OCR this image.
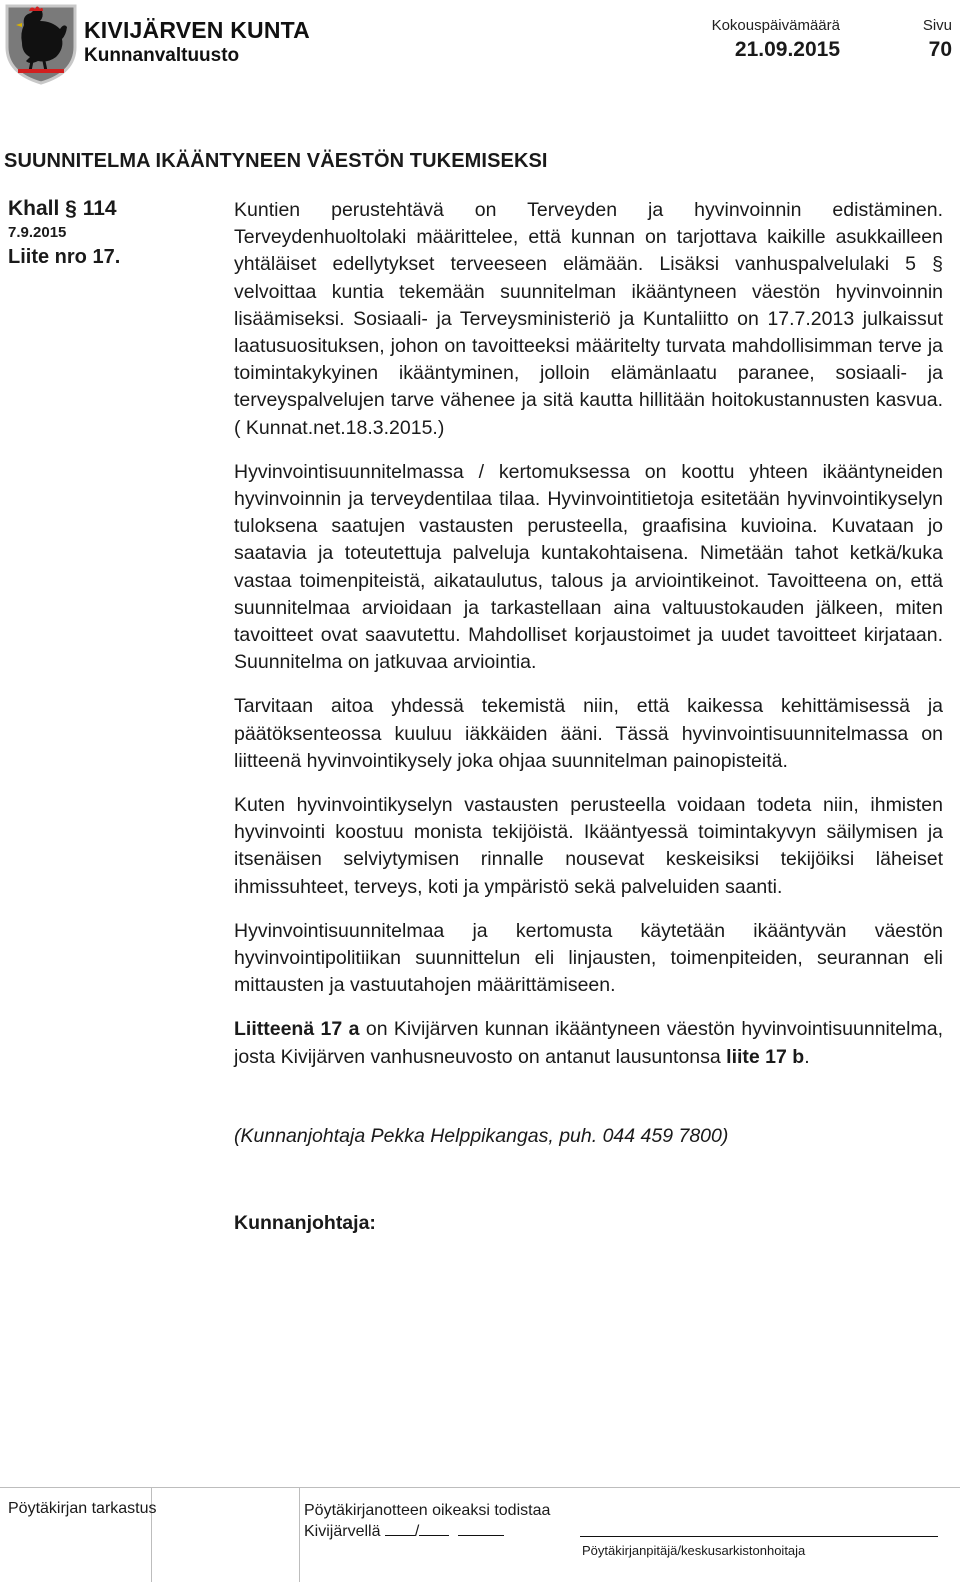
KIVIJÄRVEN KUNTA
Kunnanvaltuusto
Kokouspäivämäärä
21.09.2015
Sivu
70
SUUNNITELMA IKÄÄNTYNEEN VÄESTÖN TUKEMISEKSI
Khall § 114
7.9.2015
Liite nro 17.

Kuntien perustehtävä on Terveyden ja hyvinvoinnin edistäminen. Terveydenhuoltolaki määrittelee, että kunnan on tarjottava kaikille asukkailleen yhtäläiset edellytykset terveeseen elämään. Lisäksi vanhuspalvelulaki 5 § velvoittaa kuntia tekemään suunnitelman ikääntyneen väestön hyvinvoinnin lisäämiseksi. Sosiaali- ja Terveysministeriö ja Kuntaliitto on 17.7.2013 julkaissut laatusuosituksen, johon on tavoitteeksi määritelty turvata mahdollisimman terve ja toimintakykyinen ikääntyminen, jolloin elämänlaatu paranee, sosiaali- ja terveyspalvelujen tarve vähenee ja sitä kautta hillitään hoitokustannusten kasvua. ( Kunnat.net.18.3.2015.)

Hyvinvointisuunnitelmassa / kertomuksessa on koottu yhteen ikääntyneiden hyvinvoinnin ja terveydentilaa tilaa. Hyvinvointitietoja esitetään hyvinvointikyselyn tuloksena saatujen vastausten perusteella, graafisina kuvioina. Kuvataan jo saatavia ja toteutettuja palveluja kuntakohtaisena. Nimetään tahot ketkä/kuka vastaa toimenpiteistä, aikataulutus, talous ja arviointikeinot. Tavoitteena on, että suunnitelmaa arvioidaan ja tarkastellaan aina valtuustokauden jälkeen, miten tavoitteet ovat saavutettu. Mahdolliset korjaustoimet ja uudet tavoitteet kirjataan. Suunnitelma on jatkuvaa arviointia.

Tarvitaan aitoa yhdessä tekemistä niin, että kaikessa kehittämisessä ja päätöksenteossa kuuluu iäkkäiden ääni. Tässä hyvinvointisuunnitelmassa on liitteenä hyvinvointikysely joka ohjaa suunnitelman painopisteitä.

Kuten hyvinvointikyselyn vastausten perusteella voidaan todeta niin, ihmisten hyvinvointi koostuu monista tekijöistä. Ikääntyessä toimintakyvyn säilymisen ja itsenäisen selviytymisen rinnalle nousevat keskeisiksi tekijöiksi läheiset ihmissuhteet, terveys, koti ja ympäristö sekä palveluiden saanti.

Hyvinvointisuunnitelmaa ja kertomusta käytetään ikääntyvän väestön hyvinvointipolitiikan suunnittelun eli linjausten, toimenpiteiden, seurannan eli mittausten ja vastuutahojen määrittämiseen.

Liitteenä 17 a on Kivijärven kunnan ikääntyneen väestön hyvinvointisuunnitelma, josta Kivijärven vanhusneuvosto on antanut lausuntonsa liite 17 b.

(Kunnanjohtaja Pekka Helppikangas, puh. 044 459 7800)

Kunnanjohtaja:

Pöytäkirjan tarkastus	Pöytäkirjanotteen oikeaksi todistaa
Kivijärvellä /
Pöytäkirjanpitäjä/keskusarkistonhoitaja
